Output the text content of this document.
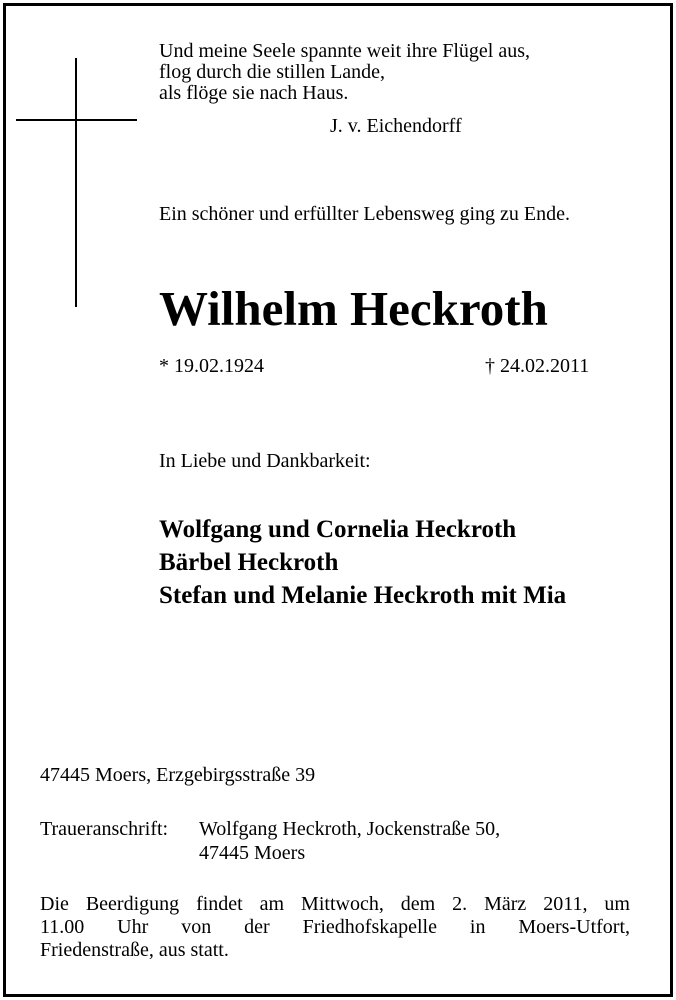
Und meine Seele spannte weit ihre Flügel aus,
flog durch die stillen Lande,
als flöge sie nach Haus.
J. v. Eichendorff
Ein schöner und erfüllter Lebensweg ging zu Ende.
Wilhelm Heckroth
* 19.02.1924	† 24.02.2011
In Liebe und Dankbarkeit:
Wolfgang und Cornelia Heckroth
Bärbel Heckroth
Stefan und Melanie Heckroth mit Mia
47445 Moers, Erzgebirgsstraße 39
Traueranschrift: Wolfgang Heckroth, Jockenstraße 50,
47445 Moers
Die Beerdigung findet am Mittwoch, dem 2. März 2011, um
11.00 Uhr von der Friedhofskapelle in Moers-Utfort,
Friedenstraße, aus statt.
